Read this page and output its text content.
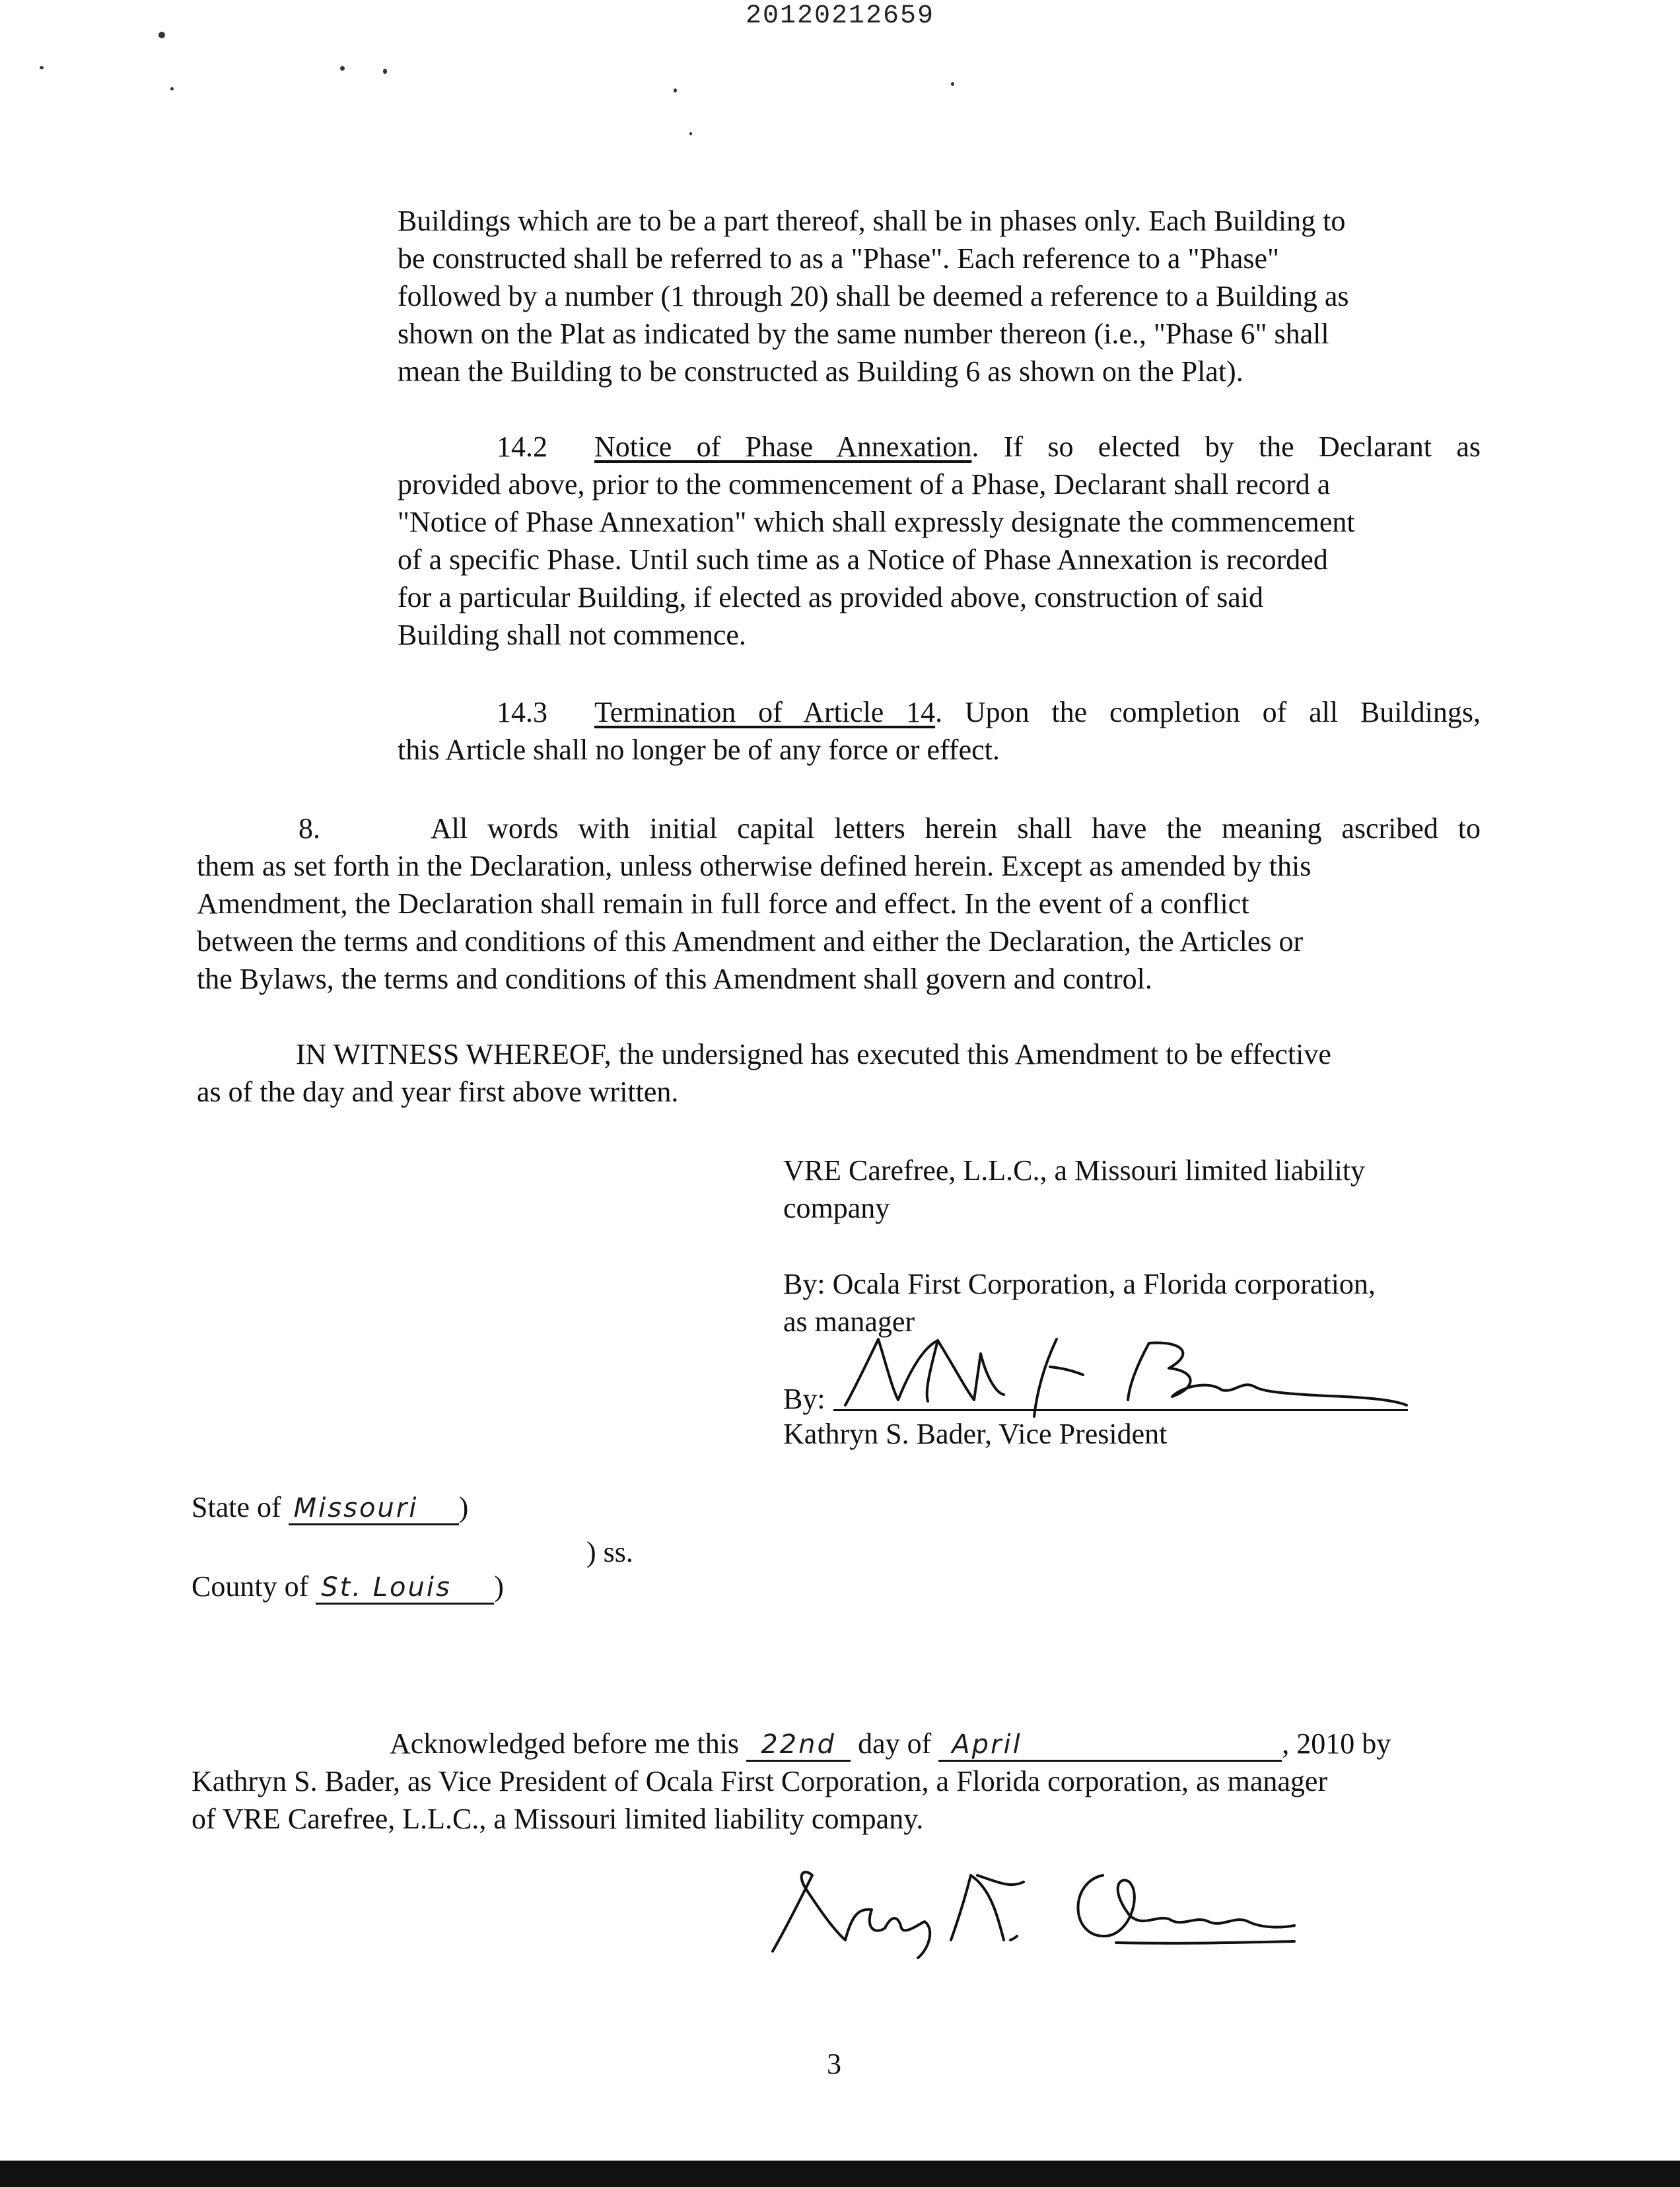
20120212659
Buildings which are to be a part thereof, shall be in phases only. Each Building to
be constructed shall be referred to as a "Phase". Each reference to a "Phase"
followed by a number (1 through 20) shall be deemed a reference to a Building as
shown on the Plat as indicated by the same number thereon (i.e., "Phase 6" shall
mean the Building to be constructed as Building 6 as shown on the Plat).
14.2 Notice of Phase Annexation. If so elected by the Declarant as
provided above, prior to the commencement of a Phase, Declarant shall record a
"Notice of Phase Annexation" which shall expressly designate the commencement
of a specific Phase. Until such time as a Notice of Phase Annexation is recorded
for a particular Building, if elected as provided above, construction of said
Building shall not commence.
14.3 Termination of Article 14. Upon the completion of all Buildings,
this Article shall no longer be of any force or effect.
8.	All words with initial capital letters herein shall have the meaning ascribed to
them as set forth in the Declaration, unless otherwise defined herein. Except as amended by this
Amendment, the Declaration shall remain in full force and effect. In the event of a conflict
between the terms and conditions of this Amendment and either the Declaration, the Articles or
the Bylaws, the terms and conditions of this Amendment shall govern and control.
IN WITNESS WHEREOF, the undersigned has executed this Amendment to be effective
as of the day and year first above written.
VRE Carefree, L.L.C., a Missouri limited liability
company
By: Ocala First Corporation, a Florida corporation,
as manager
By:
Kathryn S. Bader, Vice President
State of Missouri )
) ss.
County of St. Louis )
Acknowledged before me this 22nd day of April	, 2010 by
Kathryn S. Bader, as Vice President of Ocala First Corporation, a Florida corporation, as manager
of VRE Carefree, L.L.C., a Missouri limited liability company.
3
